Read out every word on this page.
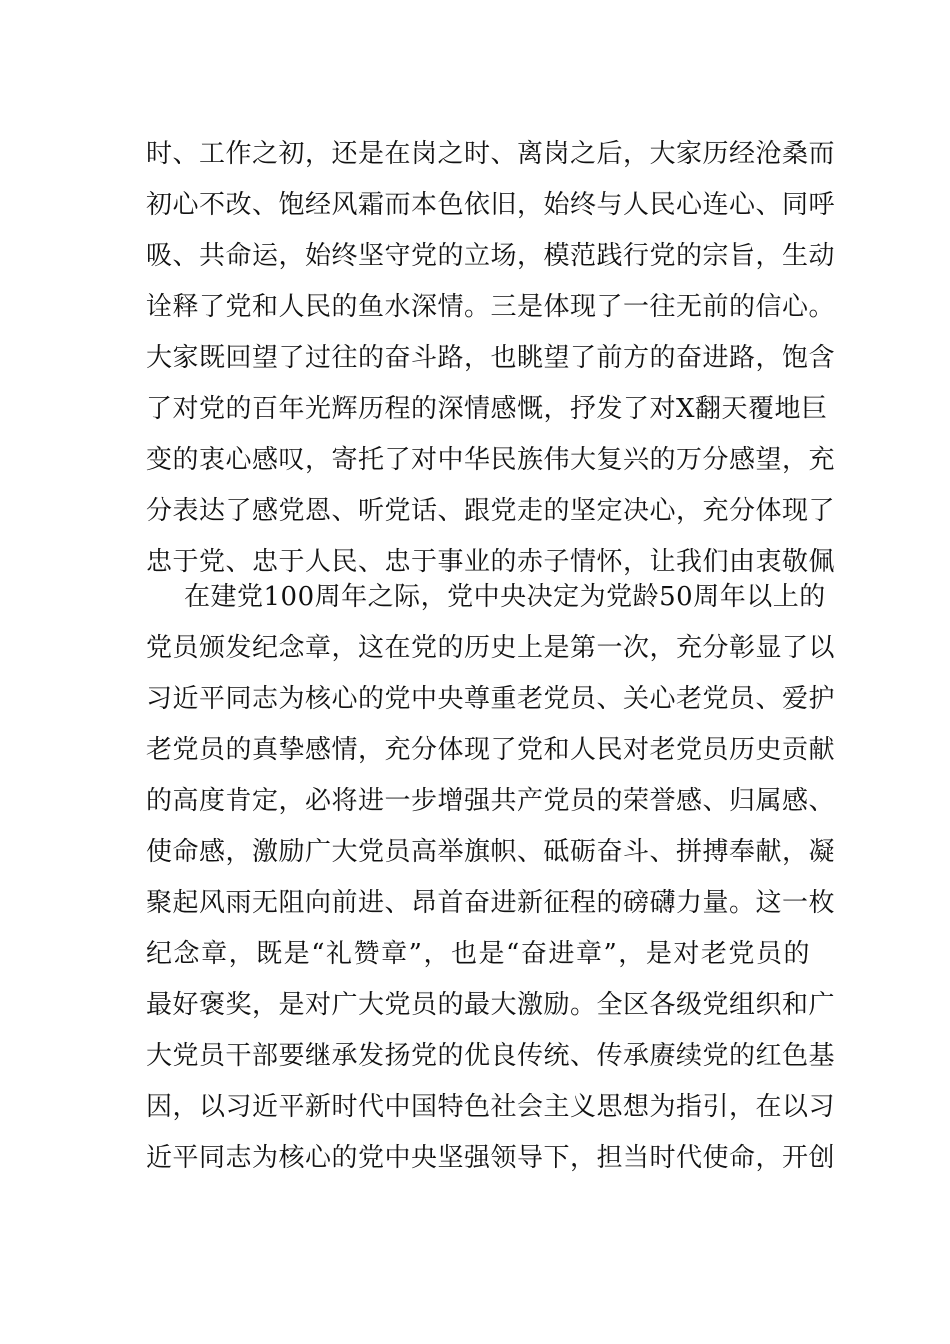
时、工作之初，还是在岗之时、离岗之后，大家历经沧桑而
初心不改、饱经风霜而本色依旧，始终与人民心连心、同呼
吸、共命运，始终坚守党的立场，模范践行党的宗旨，生动
诠释了党和人民的鱼水深情。三是体现了一往无前的信心。
大家既回望了过往的奋斗路，也眺望了前方的奋进路，饱含
了对党的百年光辉历程的深情感慨，抒发了对X翻天覆地巨
变的衷心感叹，寄托了对中华民族伟大复兴的万分感望，充
分表达了感党恩、听党话、跟党走的坚定决心，充分体现了
忠于党、忠于人民、忠于事业的赤子情怀，让我们由衷敬佩
在建党100周年之际，党中央决定为党龄50周年以上的
党员颁发纪念章，这在党的历史上是第一次，充分彰显了以
习近平同志为核心的党中央尊重老党员、关心老党员、爱护
老党员的真挚感情，充分体现了党和人民对老党员历史贡献
的高度肯定，必将进一步增强共产党员的荣誉感、归属感、
使命感，激励广大党员高举旗帜、砥砺奋斗、拼搏奉献，凝
聚起风雨无阻向前进、昂首奋进新征程的磅礴力量。这一枚
纪念章，既是“礼赞章”，也是“奋进章”，是对老党员的
最好褒奖，是对广大党员的最大激励。全区各级党组织和广
大党员干部要继承发扬党的优良传统、传承赓续党的红色基
因，以习近平新时代中国特色社会主义思想为指引，在以习
近平同志为核心的党中央坚强领导下，担当时代使命，开创
